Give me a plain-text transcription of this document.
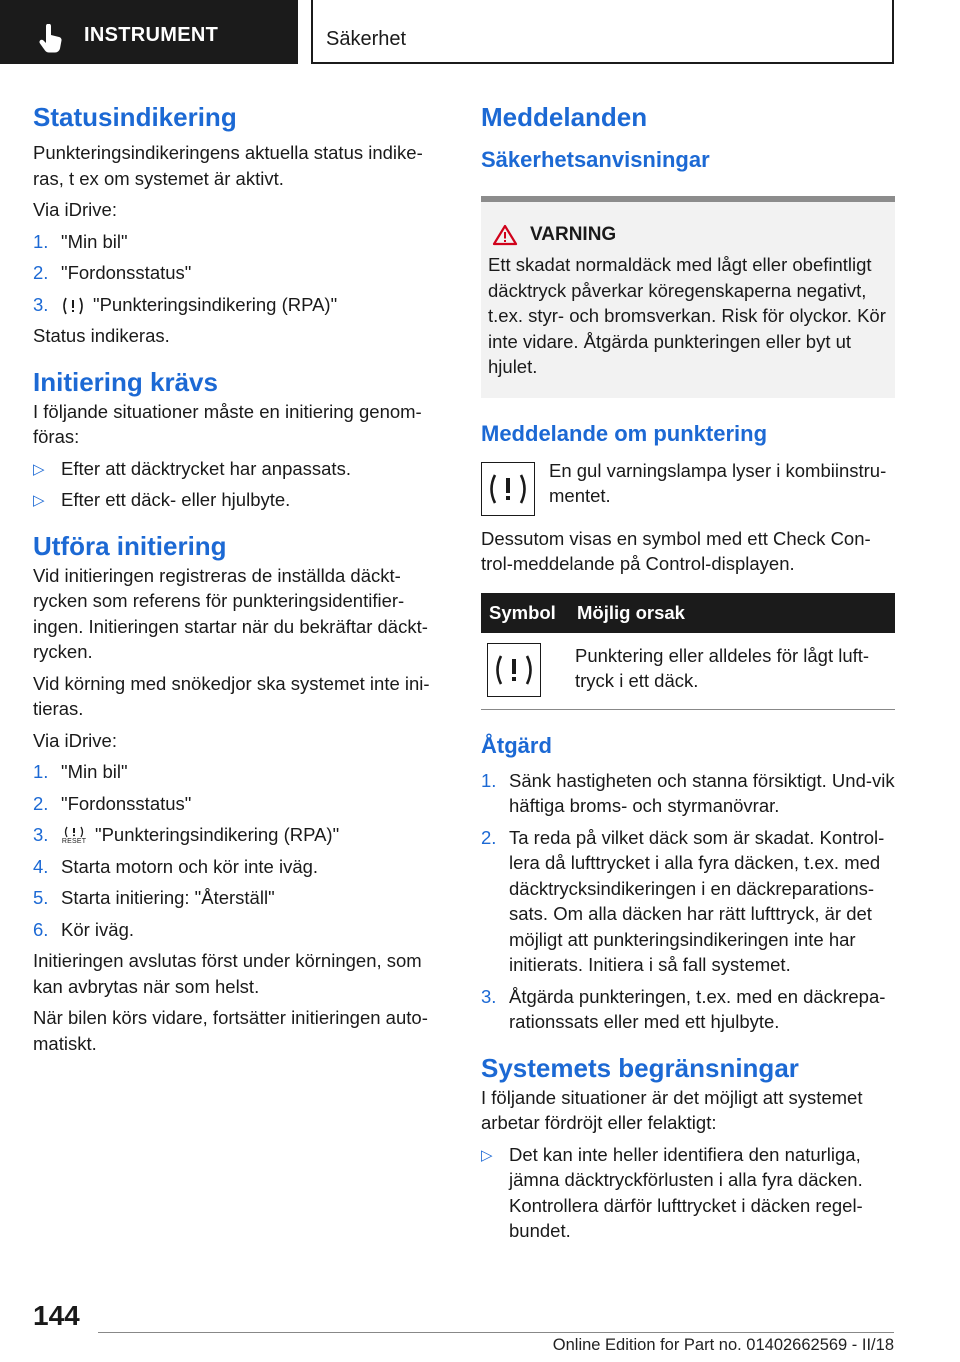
INSTRUMENT	Säkerhet
Statusindikering

Punkteringsindikeringens aktuella status indike-ras, t ex om systemet är aktivt.

Via iDrive:

1. "Min bil"
2. "Fordonsstatus"
3. "Punkteringsindikering (RPA)"

Status indikeras.

Initiering krävs

I följande situationer måste en initiering genom-föras:

▷ Efter att däcktrycket har anpassats.
▷ Efter ett däck- eller hjulbyte.
Utföra initiering

Vid initieringen registreras de inställda däckt-rycken som referens för punkteringsidentifier-ingen. Initieringen startar när du bekräftar däckt-rycken.

Vid körning med snökedjor ska systemet inte ini-tieras.

Via iDrive:

1. "Min bil"
2. "Fordonsstatus"
3. RESET "Punkteringsindikering (RPA)"
4. Starta motorn och kör inte iväg.
5. Starta initiering: "Återställ"
6. Kör iväg.

Initieringen avslutas först under körningen, som kan avbrytas när som helst.

När bilen körs vidare, fortsätter initieringen auto-matiskt.

Meddelanden
Säkerhetsanvisningar
VARNING

Ett skadat normaldäck med lågt eller obefintligt däcktryck påverkar köregenskaperna negativt, t.ex. styr- och bromsverkan. Risk för olyckor. Kör inte vidare. Åtgärda punkteringen eller byt ut hjulet.

Meddelande om punktering

En gul varningslampa lyser i kombiinstru-mentet.

Dessutom visas en symbol med ett Check Con-trol-meddelande på Control-displayen.

Symbol	Möjlig orsak

	Punktering eller alldeles för lågt luft-tryck i ett däck.
Åtgärd
1. Sänk hastigheten och stanna försiktigt. Und-vik häftiga broms- och styrmanövrar.
2. Ta reda på vilket däck som är skadat. Kontrol-lera då lufttrycket i alla fyra däcken, t.ex. med däcktrycksindikeringen i en däckreparations-sats. Om alla däcken har rätt lufttryck, är det möjligt att punkteringsindikeringen inte har initierats. Initiera i så fall systemet.
3. Åtgärda punkteringen, t.ex. med en däckrepa-rationssats eller med ett hjulbyte.
Systemets begränsningar

I följande situationer är det möjligt att systemet arbetar fördröjt eller felaktigt:

▷ Det kan inte heller identifiera den naturliga, jämna däcktryckförlusten i alla fyra däcken. Kontrollera därför lufttrycket i däcken regel-bundet.
144
Online Edition for Part no. 01402662569 - II/18
